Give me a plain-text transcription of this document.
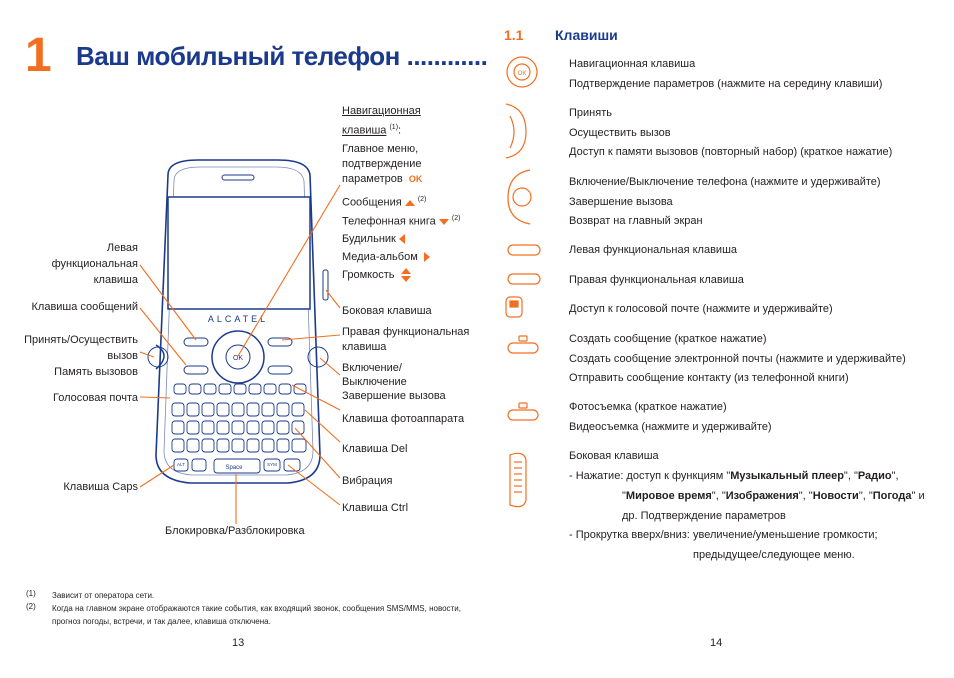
1 Ваш мобильный телефон ............
ALCATEL
OK
Space
SYM
ALT
Навигационная
клавиша $^{(1)}$:
Главное меню,
подтверждение
параметров OK
Сообщения $^{(2)}$
Телефонная книга $^{(2)}$
Будильник
Медиа-альбом
Громкость
Боковая клавиша
Правая функциональная
клавиша
Включение/
Выключение
Завершение вызова
Клавиша фотоаппарата
Клавиша Del
Вибрация
Клавиша Ctrl
Левая
функциональная
клавиша
Клавиша сообщений
Принять/Осуществить
вызов
Память вызовов
Голосовая почта
Клавиша Caps
Блокировка/Разблокировка
(1) Зависит от оператора сети.
(2) Когда на главном экране отображаются такие события, как входящий звонок, сообщения SMS/MMS, новости,
прогноз погоды, встречи, и так далее, клавиша отключена.
13
1.1 Клавиши
OK
Навигационная клавиша
Подтверждение параметров (нажмите на середину клавиши)
Принять
Осуществить вызов
Доступ к памяти вызовов (повторный набор) (краткое нажатие)
Включение/Выключение телефона (нажмите и удерживайте)
Завершение вызова
Возврат на главный экран
Левая функциональная клавиша
Правая функциональная клавиша
Доступ к голосовой почте (нажмите и удерживайте)
Создать сообщение (краткое нажатие)
Создать сообщение электронной почты (нажмите и удерживайте)
Отправить сообщение контакту (из телефонной книги)
Фотосъемка (краткое нажатие)
Видеосъемка (нажмите и удерживайте)
Боковая клавиша
- Нажатие: доступ к функциям "Музыкальный плеер", "Радио",
"Мировое время", "Изображения", "Новости", "Погода" и
др. Подтверждение параметров
- Прокрутка вверх/вниз: увеличение/уменьшение громкости;
предыдущее/следующее меню.
14
